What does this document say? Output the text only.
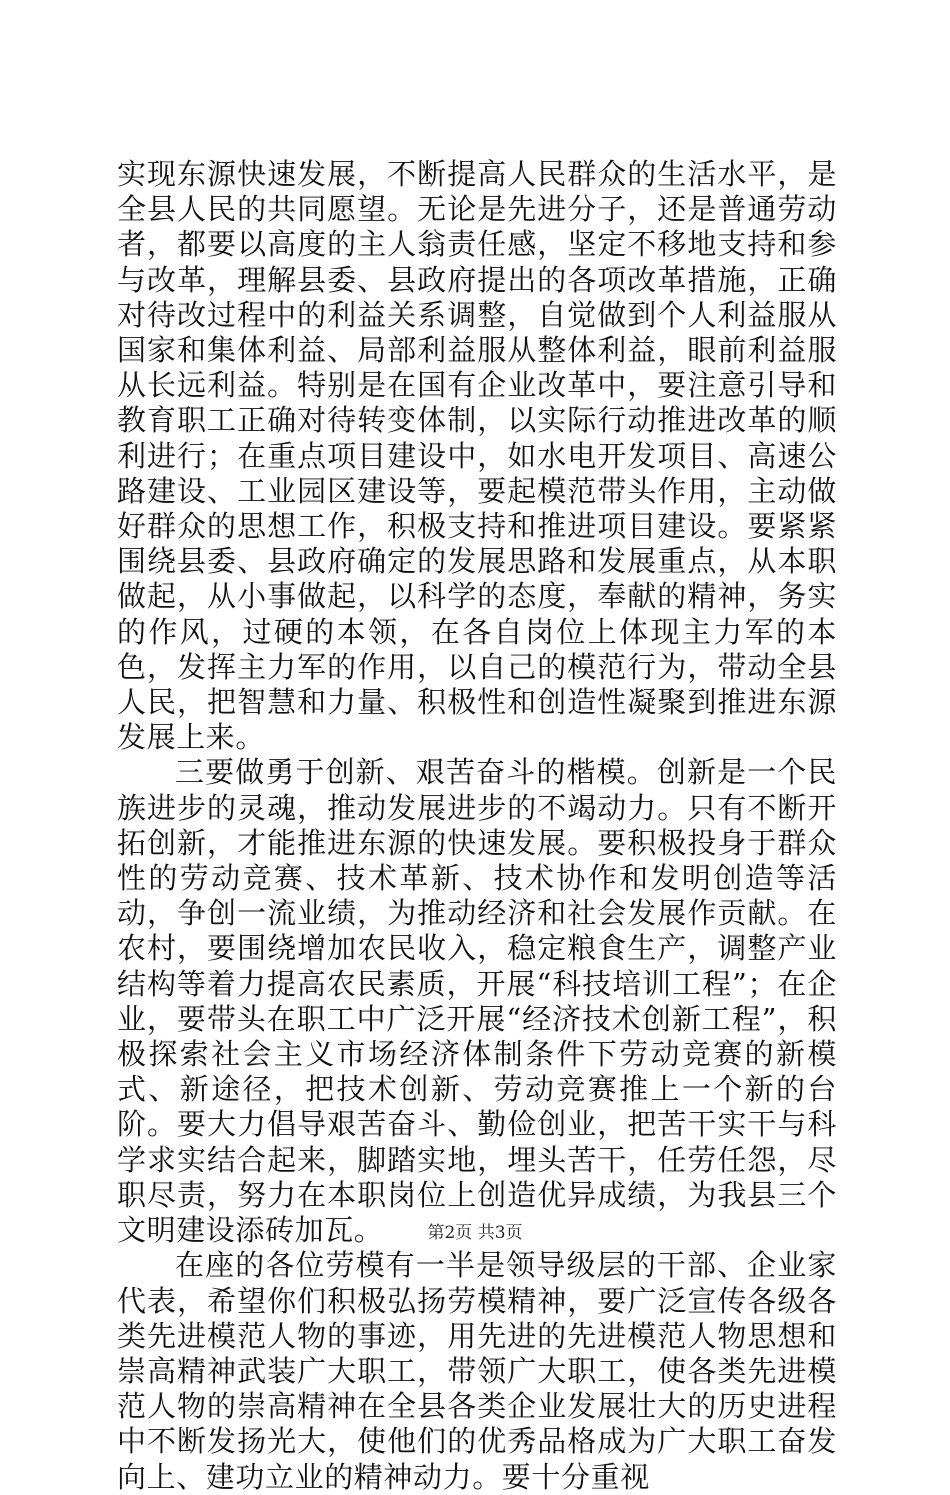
实现东源快速发展，不断提高人民群众的生活水平，是全县人民的共同愿望。无论是先进分子，还是普通劳动者，都要以高度的主人翁责任感，坚定不移地支持和参与改革，理解县委、县政府提出的各项改革措施，正确对待改过程中的利益关系调整，自觉做到个人利益服从国家和集体利益、局部利益服从整体利益，眼前利益服从长远利益。特别是在国有企业改革中，要注意引导和教育职工正确对待转变体制，以实际行动推进改革的顺利进行；在重点项目建设中，如水电开发项目、高速公路建设、工业园区建设等，要起模范带头作用，主动做好群众的思想工作，积极支持和推进项目建设。要紧紧围绕县委、县政府确定的发展思路和发展重点，从本职做起，从小事做起，以科学的态度，奉献的精神，务实的作风，过硬的本领，在各自岗位上体现主力军的本色，发挥主力军的作用，以自己的模范行为，带动全县人民，把智慧和力量、积极性和创造性凝聚到推进东源发展上来。

三要做勇于创新、艰苦奋斗的楷模。创新是一个民族进步的灵魂，推动发展进步的不竭动力。只有不断开拓创新，才能推进东源的快速发展。要积极投身于群众性的劳动竞赛、技术革新、技术协作和发明创造等活动，争创一流业绩，为推动经济和社会发展作贡献。在农村，要围绕增加农民收入，稳定粮食生产，调整产业结构等着力提高农民素质，开展“科技培训工程”；在企业，要带头在职工中广泛开展“经济技术创新工程”，积极探索社会主义市场经济体制条件下劳动竞赛的新模式、新途径，把技术创新、劳动竞赛推上一个新的台阶。要大力倡导艰苦奋斗、勤俭创业，把苦干实干与科学求实结合起来，脚踏实地，埋头苦干，任劳任怨，尽职尽责，努力在本职岗位上创造优异成绩，为我县三个文明建设添砖加瓦。

在座的各位劳模有一半是领导级层的干部、企业家代表，希望你们积极弘扬劳模精神，要广泛宣传各级各类先进模范人物的事迹，用先进的先进模范人物思想和崇高精神武装广大职工，带领广大职工，使各类先进模范人物的崇高精神在全县各类企业发展壮大的历史进程中不断发扬光大，使他们的优秀品格成为广大职工奋发向上、建功立业的精神动力。要十分重视

第2页 共3页
